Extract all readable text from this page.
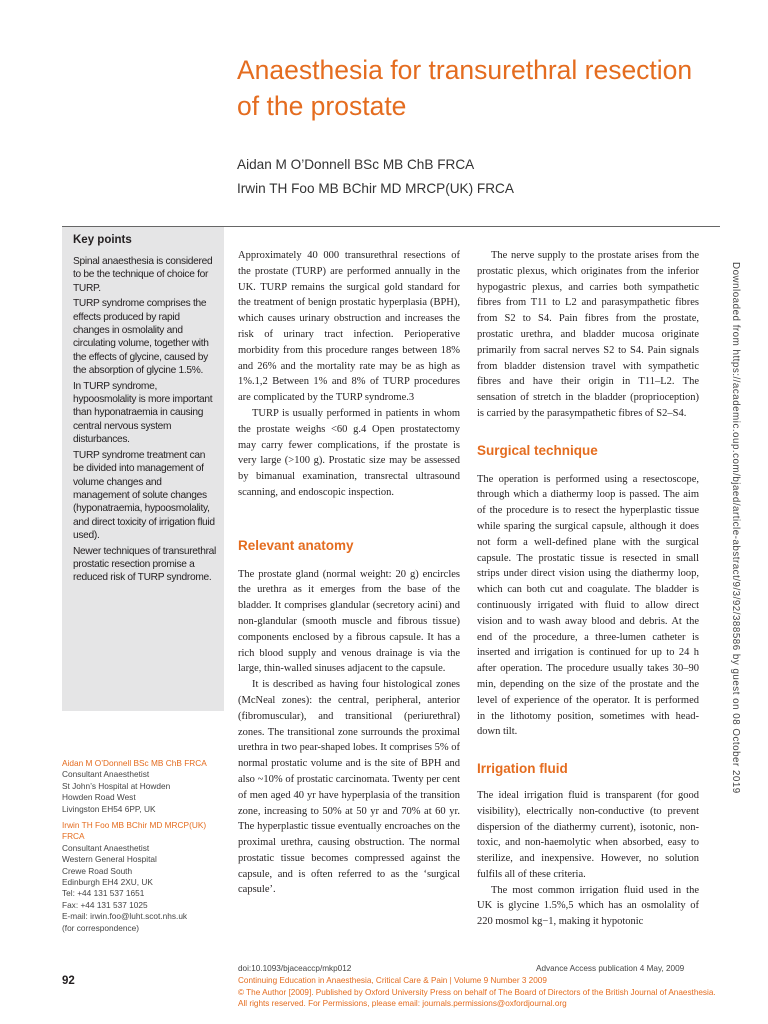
Anaesthesia for transurethral resection of the prostate
Aidan M O’Donnell BSc MB ChB FRCA
Irwin TH Foo MB BChir MD MRCP(UK) FRCA
Key points

Spinal anaesthesia is considered to be the technique of choice for TURP.

TURP syndrome comprises the effects produced by rapid changes in osmolality and circulating volume, together with the effects of glycine, caused by the absorption of glycine 1.5%.

In TURP syndrome, hypoosmolality is more important than hyponatraemia in causing central nervous system disturbances.

TURP syndrome treatment can be divided into management of volume changes and management of solute changes (hyponatraemia, hypoosmolality, and direct toxicity of irrigation fluid used).

Newer techniques of transurethral prostatic resection promise a reduced risk of TURP syndrome.

Aidan M O’Donnell BSc MB ChB FRCA
Consultant Anaesthetist
St John’s Hospital at Howden
Howden Road West
Livingston EH54 6PP, UK
Irwin TH Foo MB BChir MD MRCP(UK) FRCA
Consultant Anaesthetist
Western General Hospital
Crewe Road South
Edinburgh EH4 2XU, UK
Tel: +44 131 537 1651
Fax: +44 131 537 1025
E-mail: irwin.foo@luht.scot.nhs.uk
(for correspondence)

Approximately 40 000 transurethral resections of the prostate (TURP) are performed annually in the UK. TURP remains the surgical gold standard for the treatment of benign prostatic hyperplasia (BPH), which causes urinary obstruction and increases the risk of urinary tract infection. Perioperative morbidity from this procedure ranges between 18% and 26% and the mortality rate may be as high as 1%.1,2 Between 1% and 8% of TURP procedures are complicated by the TURP syndrome.3

TURP is usually performed in patients in whom the prostate weighs <60 g.4 Open prostatectomy may carry fewer complications, if the prostate is very large (>100 g). Prostatic size may be assessed by bimanual examination, transrectal ultrasound scanning, and endoscopic inspection.

Relevant anatomy

The prostate gland (normal weight: 20 g) encircles the urethra as it emerges from the base of the bladder. It comprises glandular (secretory acini) and non-glandular (smooth muscle and fibrous tissue) components enclosed by a fibrous capsule. It has a rich blood supply and venous drainage is via the large, thin-walled sinuses adjacent to the capsule.

It is described as having four histological zones (McNeal zones): the central, peripheral, anterior (fibromuscular), and transitional (periurethral) zones. The transitional zone surrounds the proximal urethra in two pear-shaped lobes. It comprises 5% of normal prostatic volume and is the site of BPH and also ~10% of prostatic carcinomata. Twenty per cent of men aged 40 yr have hyperplasia of the transition zone, increasing to 50% at 50 yr and 70% at 60 yr. The hyperplastic tissue eventually encroaches on the proximal urethra, causing obstruction. The normal prostatic tissue becomes compressed against the capsule, and is often referred to as the ‘surgical capsule’.

The nerve supply to the prostate arises from the prostatic plexus, which originates from the inferior hypogastric plexus, and carries both sympathetic fibres from T11 to L2 and parasympathetic fibres from S2 to S4. Pain fibres from the prostate, prostatic urethra, and bladder mucosa originate primarily from sacral nerves S2 to S4. Pain signals from bladder distension travel with sympathetic fibres and have their origin in T11–L2. The sensation of stretch in the bladder (proprioception) is carried by the parasympathetic fibres of S2–S4.

Surgical technique

The operation is performed using a resectoscope, through which a diathermy loop is passed. The aim of the procedure is to resect the hyperplastic tissue while sparing the surgical capsule, although it does not form a well-defined plane with the surgical capsule. The prostatic tissue is resected in small strips under direct vision using the diathermy loop, which can both cut and coagulate. The bladder is continuously irrigated with fluid to allow direct vision and to wash away blood and debris. At the end of the procedure, a three-lumen catheter is inserted and irrigation is continued for up to 24 h after operation. The procedure usually takes 30–90 min, depending on the size of the prostate and the level of experience of the operator. It is performed in the lithotomy position, sometimes with head-down tilt.

Irrigation fluid

The ideal irrigation fluid is transparent (for good visibility), electrically non-conductive (to prevent dispersion of the diathermy current), isotonic, non-toxic, and non-haemolytic when absorbed, easy to sterilize, and inexpensive. However, no solution fulfils all of these criteria.

The most common irrigation fluid used in the UK is glycine 1.5%,5 which has an osmolality of 220 mosmol kg−1, making it hypotonic

doi:10.1093/bjaceaccp/mkp012	Advance Access publication 4 May, 2009
Continuing Education in Anaesthesia, Critical Care & Pain | Volume 9 Number 3 2009
© The Author [2009]. Published by Oxford University Press on behalf of The Board of Directors of the British Journal of Anaesthesia. All rights reserved. For Permissions, please email: journals.permissions@oxfordjournal.org
92
Downloaded from https://academic.oup.com/bjaed/article-abstract/9/3/92/388586 by guest on 08 October 2019
